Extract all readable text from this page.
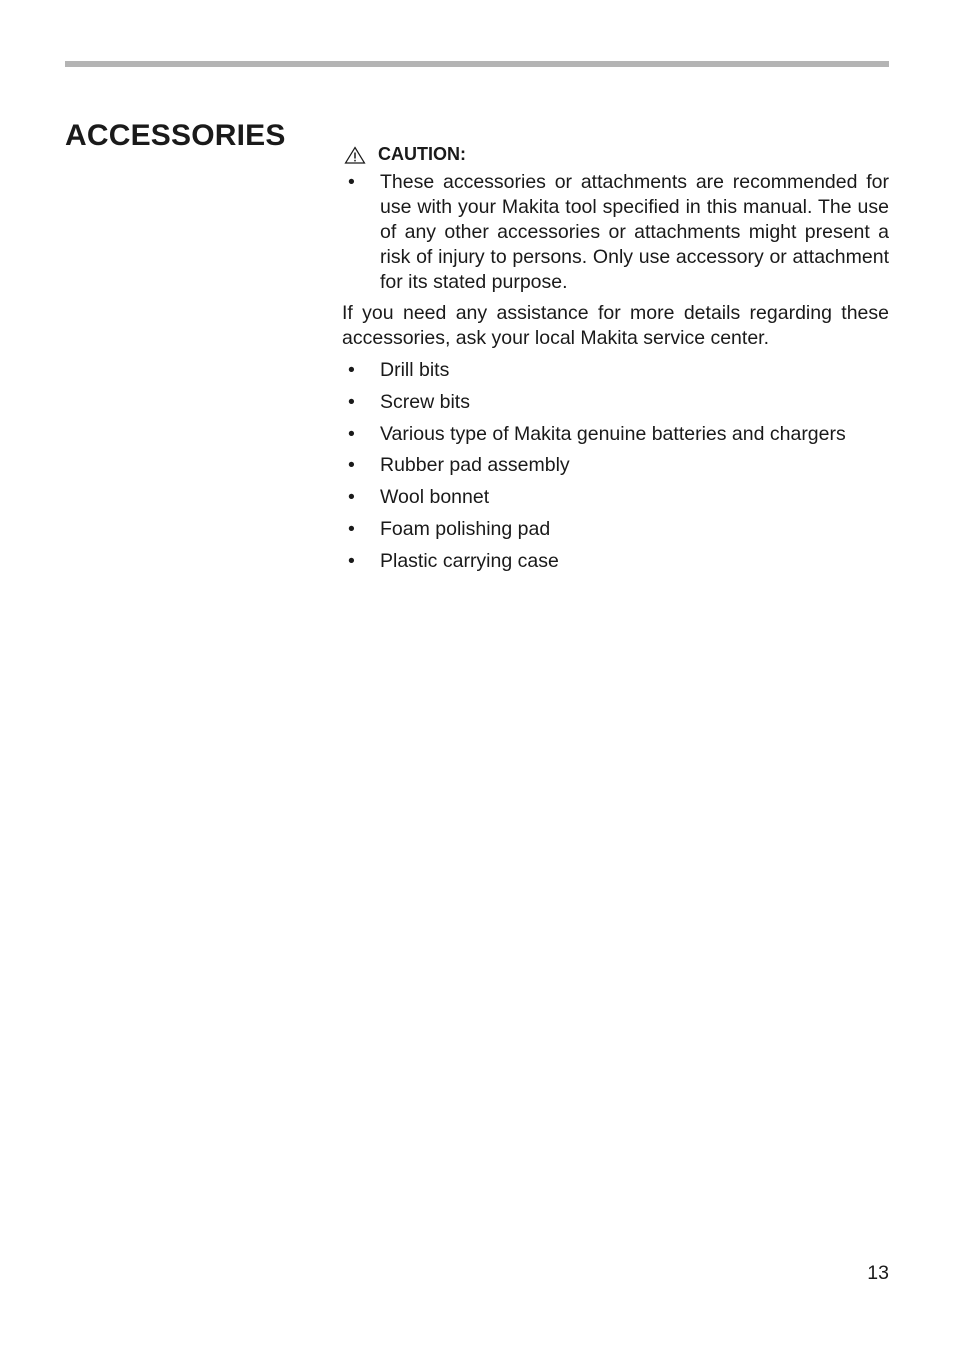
ACCESSORIES
CAUTION:
• These accessories or attachments are recommended for use with your Makita tool specified in this manual. The use of any other accessories or attachments might present a risk of injury to persons. Only use accessory or attachment for its stated purpose.

If you need any assistance for more details regarding these accessories, ask your local Makita service center.

• Drill bits
• Screw bits
• Various type of Makita genuine batteries and chargers
• Rubber pad assembly
• Wool bonnet
• Foam polishing pad
• Plastic carrying case
13
